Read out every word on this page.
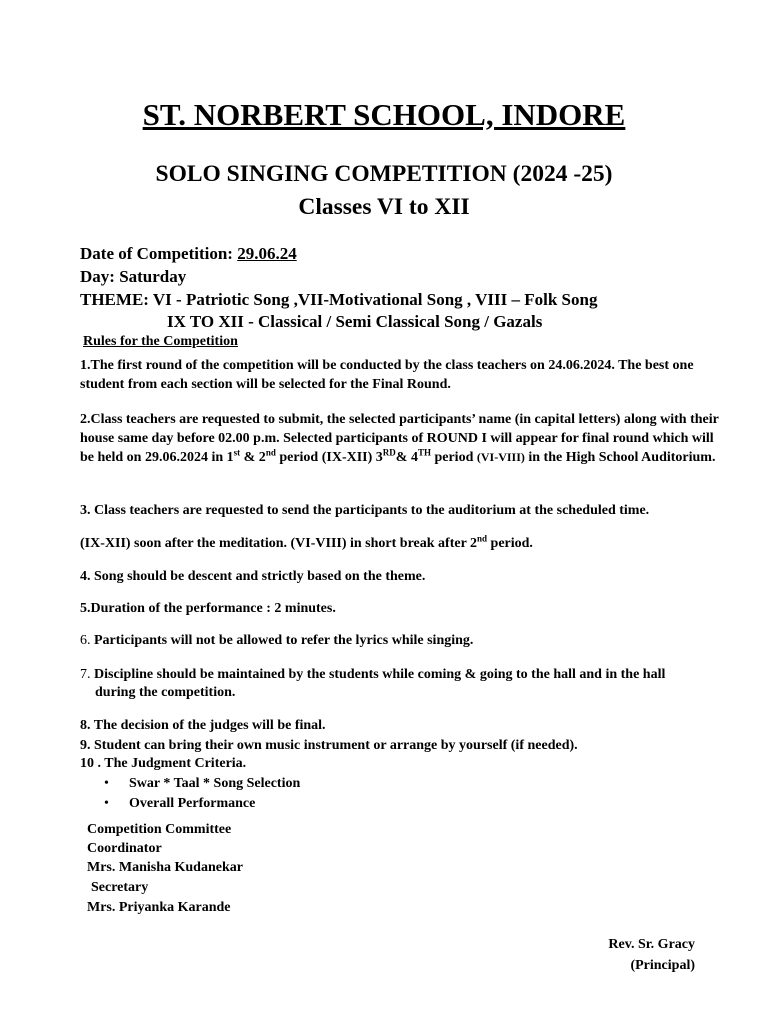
ST. NORBERT SCHOOL, INDORE
SOLO SINGING COMPETITION (2024 -25)
Classes VI to XII
Date of Competition: 29.06.24
Day: Saturday
THEME: VI - Patriotic Song ,VII-Motivational Song , VIII – Folk Song
IX TO XII - Classical / Semi Classical Song / Gazals
Rules for the Competition
1.The first round of the competition will be conducted by the class teachers on 24.06.2024. The best one student from each section will be selected for the Final Round.
2.Class teachers are requested to submit, the selected participants’ name (in capital letters) along with their house same day before 02.00 p.m. Selected participants of ROUND I will appear for final round which will be held on 29.06.2024 in 1st & 2nd period (IX-XII) 3RD& 4TH period (VI-VIII) in the High School Auditorium.
3. Class teachers are requested to send the participants to the auditorium at the scheduled time.
(IX-XII) soon after the meditation. (VI-VIII) in short break after 2nd period.
4. Song should be descent and strictly based on the theme.
5.Duration of the performance : 2 minutes.
6. Participants will not be allowed to refer the lyrics while singing.
7. Discipline should be maintained by the students while coming & going to the hall and in the hall
during the competition.
8. The decision of the judges will be final.
9. Student can bring their own music instrument or arrange by yourself (if needed).
10 . The Judgment Criteria.
• Swar * Taal * Song Selection
• Overall Performance
Competition Committee
Coordinator
Mrs. Manisha Kudanekar
Secretary
Mrs. Priyanka Karande
Rev. Sr. Gracy
(Principal)
